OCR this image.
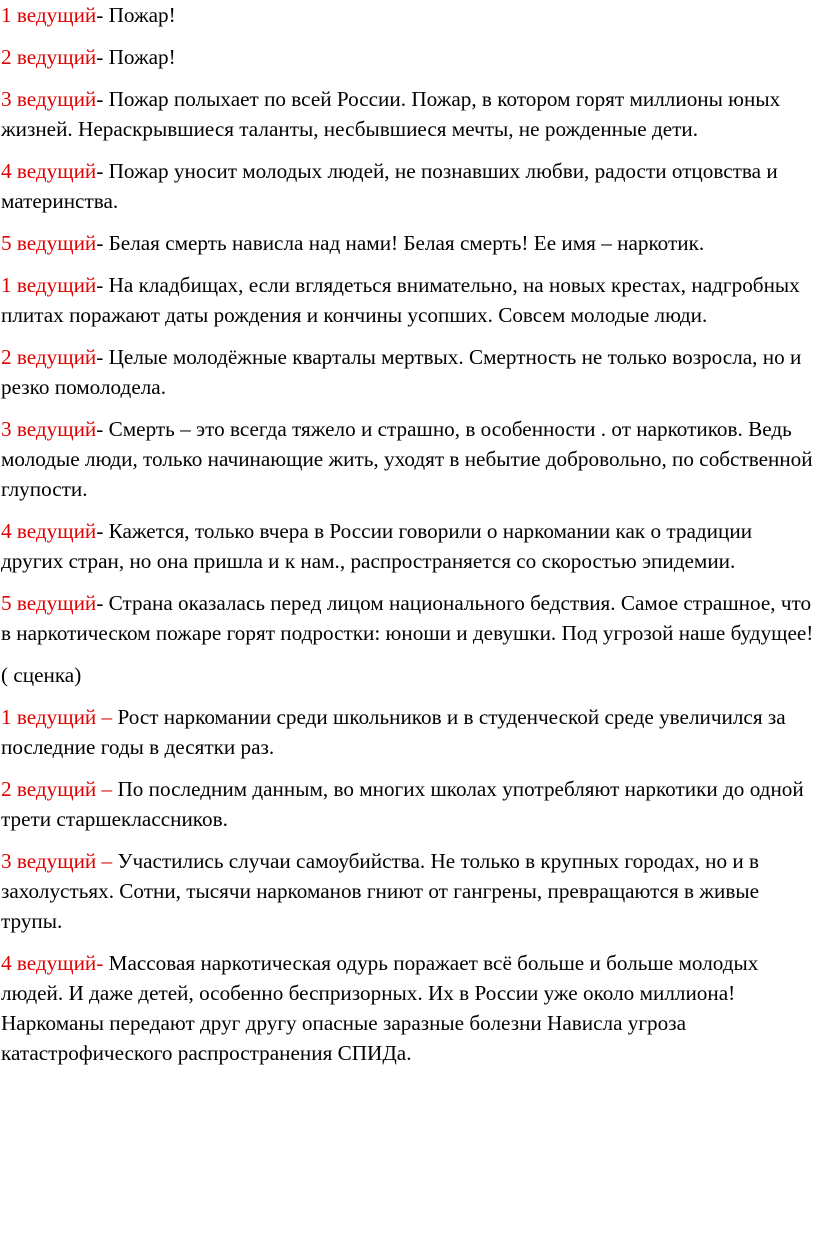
1 ведущий- Пожар!

2 ведущий- Пожар!

3 ведущий- Пожар полыхает по всей России. Пожар, в котором горят миллионы юных жизней. Нераскрывшиеся таланты, несбывшиеся мечты, не рожденные дети.

4 ведущий- Пожар уносит молодых людей, не познавших любви, радости отцовства и материнства.

5 ведущий- Белая смерть нависла над нами! Белая смерть! Ее имя – наркотик.

1 ведущий- На кладбищах, если вглядеться внимательно, на новых крестах, надгробных плитах поражают даты рождения и кончины усопших. Совсем молодые люди.

2 ведущий- Целые молодёжные кварталы мертвых. Смертность не только возросла, но и резко помолодела.

3 ведущий- Смерть – это всегда тяжело и страшно, в особенности . от наркотиков. Ведь молодые люди, только начинающие жить, уходят в небытие добровольно, по собственной глупости.

4 ведущий- Кажется, только вчера в России говорили о наркомании как о традиции других стран, но она пришла и к нам., распространяется со скоростью эпидемии.

5 ведущий- Страна оказалась перед лицом национального бедствия. Самое страшное, что в наркотическом пожаре горят подростки: юноши и девушки. Под угрозой наше будущее!

( сценка)

1 ведущий – Рост наркомании среди школьников и в студенческой среде увеличился за последние годы в десятки раз.

2 ведущий – По последним данным, во многих школах употребляют наркотики до одной трети старшеклассников.

3 ведущий – Участились случаи самоубийства. Не только в крупных городах, но и в захолустьях. Сотни, тысячи наркоманов гниют от гангрены, превращаются в живые трупы.

4 ведущий- Массовая наркотическая одурь поражает всё больше и больше молодых людей. И даже детей, особенно беспризорных. Их в России уже около миллиона! Наркоманы передают друг другу опасные заразные болезни Нависла угроза катастрофического распространения СПИДа.
